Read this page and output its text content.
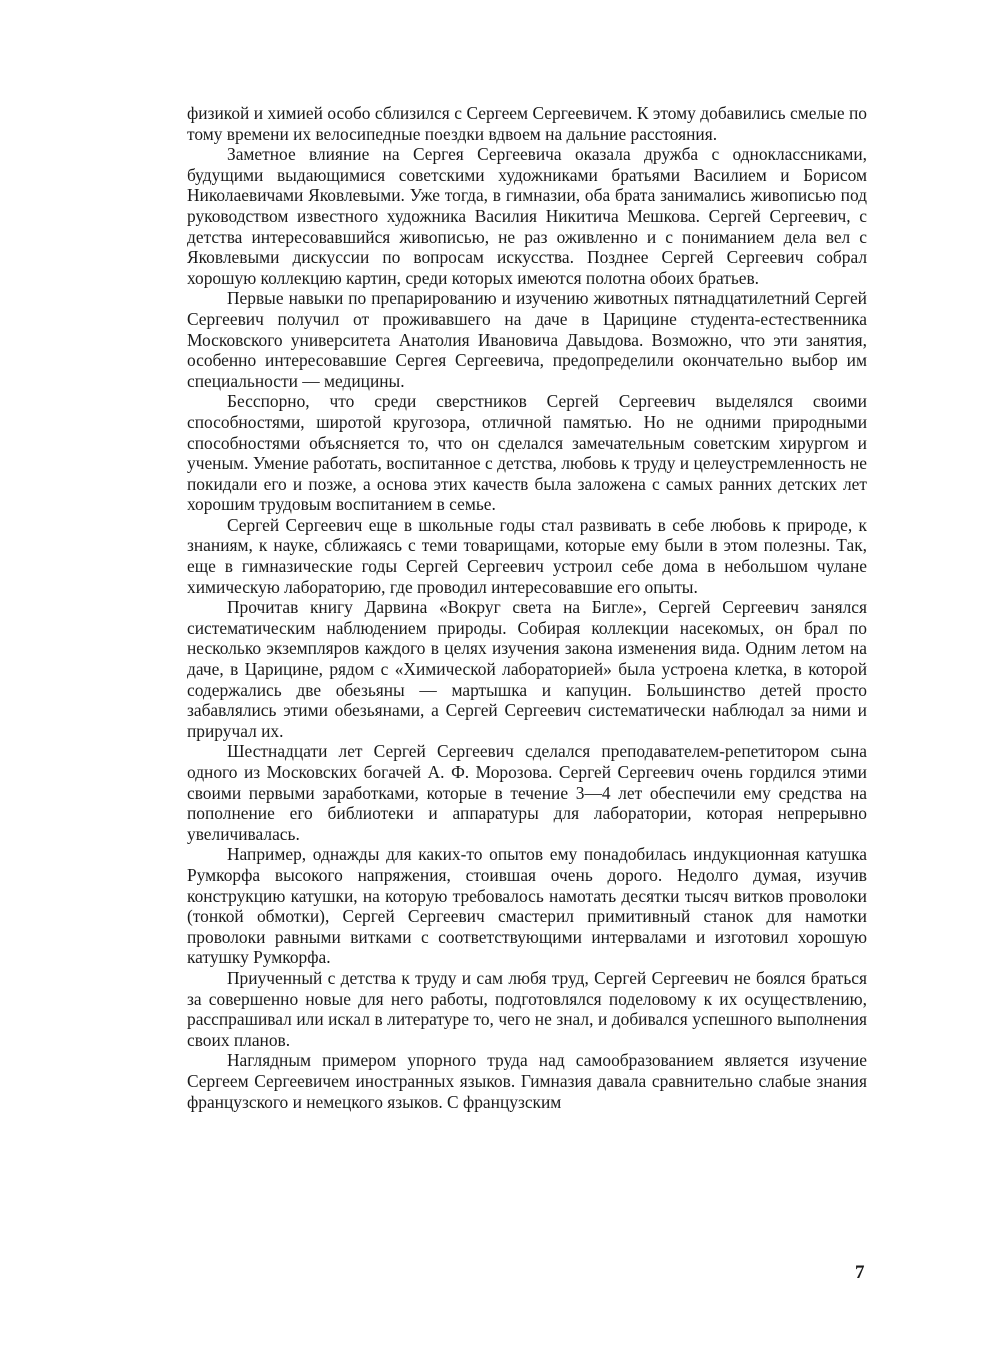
физикой и химией особо сблизился с Сергеем Сергеевичем. К этому добавились смелые по тому времени их велосипедные поездки вдвоем на дальние расстояния.

Заметное влияние на Сергея Сергеевича оказала дружба с одноклассниками, будущими выдающимися советскими художниками братьями Василием и Борисом Николаевичами Яковлевыми. Уже тогда, в гимназии, оба брата занимались живописью под руководством известного художника Василия Никитича Мешкова. Сергей Сергеевич, с детства интересовавшийся живописью, не раз оживленно и с пониманием дела вел с Яковлевыми дискуссии по вопросам искусства. Позднее Сергей Сергеевич собрал хорошую коллекцию картин, среди которых имеются полотна обоих братьев.

Первые навыки по препарированию и изучению животных пятнадцатилетний Сергей Сергеевич получил от проживавшего на даче в Царицине студента-естественника Московского университета Анатолия Ивановича Давыдова. Возможно, что эти занятия, особенно интересовавшие Сергея Сергеевича, предопределили окончательно выбор им специальности — медицины.

Бесспорно, что среди сверстников Сергей Сергеевич выделялся своими способностями, широтой кругозора, отличной памятью. Но не одними природными способностями объясняется то, что он сделался замечательным советским хирургом и ученым. Умение работать, воспитанное с детства, любовь к труду и целеустремленность не покидали его и позже, а основа этих качеств была заложена с самых ранних детских лет хорошим трудовым воспитанием в семье.

Сергей Сергеевич еще в школьные годы стал развивать в себе любовь к природе, к знаниям, к науке, сближаясь с теми товарищами, которые ему были в этом полезны. Так, еще в гимназические годы Сергей Сергеевич устроил себе дома в небольшом чулане химическую лабораторию, где проводил интересовавшие его опыты.

Прочитав книгу Дарвина «Вокруг света на Бигле», Сергей Сергеевич занялся систематическим наблюдением природы. Собирая коллекции насекомых, он брал по несколько экземпляров каждого в целях изучения закона изменения вида. Одним летом на даче, в Царицине, рядом с «Химической лабораторией» была устроена клетка, в которой содержались две обезьяны — мартышка и капуцин. Большинство детей просто забавлялись этими обезьянами, а Сергей Сергеевич систематически наблюдал за ними и приручал их.

Шестнадцати лет Сергей Сергеевич сделался преподавателем-репетитором сына одного из Московских богачей А. Ф. Морозова. Сергей Сергеевич очень гордился этими своими первыми заработками, которые в течение 3—4 лет обеспечили ему средства на пополнение его библиотеки и аппаратуры для лаборатории, которая непрерывно увеличивалась.

Например, однажды для каких-то опытов ему понадобилась индукционная катушка Румкорфа высокого напряжения, стоившая очень дорого. Недолго думая, изучив конструкцию катушки, на которую требовалось намотать десятки тысяч витков проволоки (тонкой обмотки), Сергей Сергеевич смастерил примитивный станок для намотки проволоки равными витками с соответствующими интервалами и изготовил хорошую катушку Румкорфа.

Приученный с детства к труду и сам любя труд, Сергей Сергеевич не боялся браться за совершенно новые для него работы, подготовлялся поделовому к их осуществлению, расспрашивал или искал в литературе то, чего не знал, и добивался успешного выполнения своих планов.

Наглядным примером упорного труда над самообразованием является изучение Сергеем Сергеевичем иностранных языков. Гимназия давала сравнительно слабые знания французского и немецкого языков. С французским

7
